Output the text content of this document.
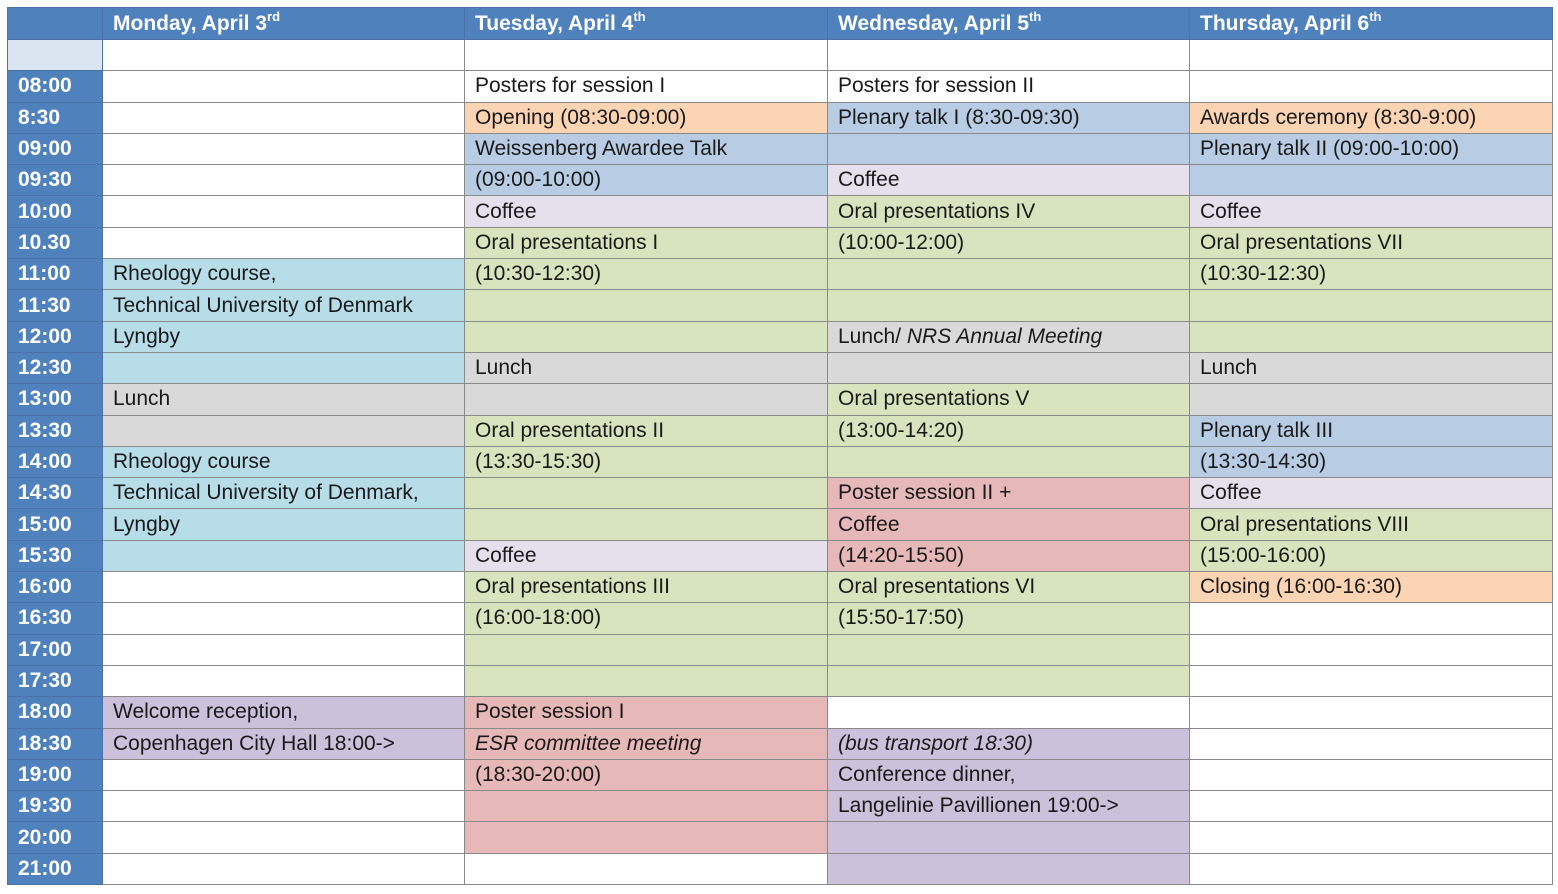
	Monday, April 3rd	Tuesday, April 4th	Wednesday, April 5th	Thursday, April 6th

08:00		Posters for session I	Posters for session II	
8:30		Opening (08:30-09:00)	Plenary talk I (8:30-09:30)	Awards ceremony (8:30-9:00)
09:00		Weissenberg Awardee Talk		Plenary talk II (09:00-10:00)
09:30		(09:00-10:00)	Coffee	
10:00		Coffee	Oral presentations IV	Coffee
10.30		Oral presentations I	(10:00-12:00)	Oral presentations VII
11:00	Rheology course,	(10:30-12:30)		(10:30-12:30)
11:30	Technical University of Denmark			
12:00	Lyngby		Lunch/ NRS Annual Meeting	
12:30		Lunch		Lunch
13:00	Lunch		Oral presentations V	
13:30		Oral presentations II	(13:00-14:20)	Plenary talk III
14:00	Rheology course	(13:30-15:30)		(13:30-14:30)
14:30	Technical University of Denmark,		Poster session II +	Coffee
15:00	Lyngby		Coffee	Oral presentations VIII
15:30		Coffee	(14:20-15:50)	(15:00-16:00)
16:00		Oral presentations III	Oral presentations VI	Closing (16:00-16:30)
16:30		(16:00-18:00)	(15:50-17:50)	
17:00				
17:30				
18:00	Welcome reception,	Poster session I		
18:30	Copenhagen City Hall 18:00->	ESR committee meeting	(bus transport 18:30)	
19:00		(18:30-20:00)	Conference dinner,	
19:30			Langelinie Pavillionen 19:00->	
20:00				
21:00				
